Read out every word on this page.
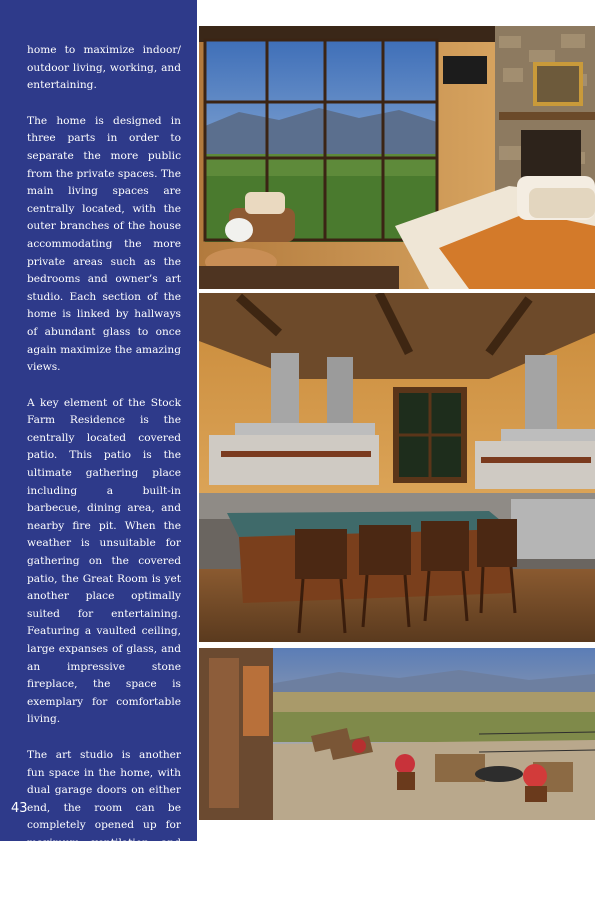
home to maximize indoor/ outdoor living, working, and entertaining.

The home is designed in three parts in order to separate the more public from the private spaces. The main living spaces are centrally located, with the outer branches of the house accommodating the more private areas such as the bedrooms and owner’s art studio. Each section of the home is linked by hallways of abundant glass to once again maximize the amazing views.

A key element of the Stock Farm Residence is the centrally located covered patio. This patio is the ultimate gathering place including a built-in barbecue, dining area, and nearby fire pit. When the weather is unsuitable for gathering on the covered patio, the Great Room is yet another place optimally suited for entertaining. Featuring a vaulted ceiling, large expanses of glass, and an impressive stone fireplace, the space is exemplary for comfortable living.

The art studio is another fun space in the home, with dual garage doors on either end, the room can be completely opened up for maximum ventilation and connection to the outdoors for creative inspiration.

43
